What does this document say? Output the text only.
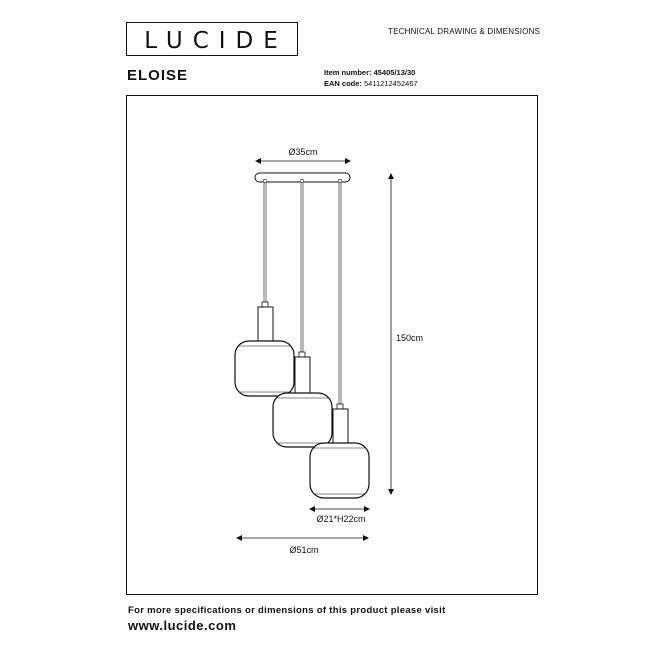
LUCIDE	TECHNICAL DRAWING & DIMENSIONS
ELOISE	Item number: 45405/13/30
EAN code: 5411212452467
Ø35cm
150cm
Ø21*H22cm
Ø51cm
For more specifications or dimensions of this product please visit
www.lucide.com
